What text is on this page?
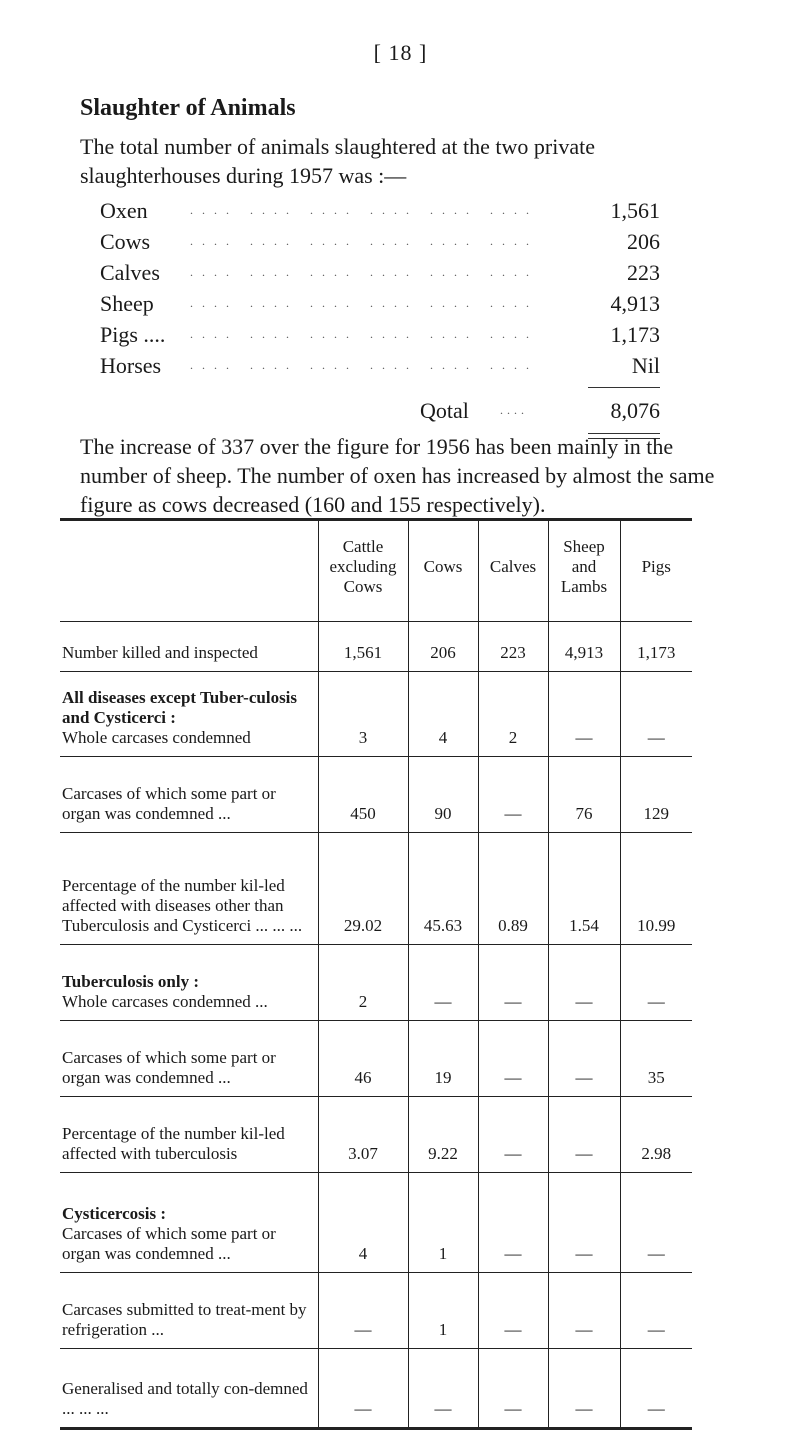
[ 18 ]
Slaughter of Animals
The total number of animals slaughtered at the two private slaughterhouses during 1957 was :—
Oxen	.... .... .... .... .... ....	1,561
Cows	.... .... .... .... .... ....	206
Calves	.... .... .... .... .... ....	223
Sheep	.... .... .... .... .... ....	4,913
Pigs ....	.... .... .... .... .... ....	1,173
Horses	.... .... .... .... .... ....	Nil
Qotal	....	8,076
The increase of 337 over the figure for 1956 has been mainly in the number of sheep. The number of oxen has increased by almost the same figure as cows decreased (160 and 155 respectively).
	Cattle excluding Cows	Cows	Calves	Sheep and Lambs	Pigs
Number killed and inspected	1,561	206	223	4,913	1,173

All diseases except Tuber-culosis and Cysticerci :
Whole carcases condemned	3	4	2	—	—
Carcases of which some part or organ was condemned ...	450	90	—	76	129
Percentage of the number kil-led affected with diseases other than Tuberculosis and Cysticerci ... ... ...	29.02	45.63	0.89	1.54	10.99

Tuberculosis only :
Whole carcases condemned ...	2	—	—	—	—
Carcases of which some part or organ was condemned ...	46	19	—	—	35
Percentage of the number kil-led affected with tuberculosis	3.07	9.22	—	—	2.98

Cysticercosis :
Carcases of which some part or organ was condemned ...	4	1	—	—	—
Carcases submitted to treat-ment by refrigeration ...	—	1	—	—	—
Generalised and totally con-demned ... ... ...	—	—	—	—	—
